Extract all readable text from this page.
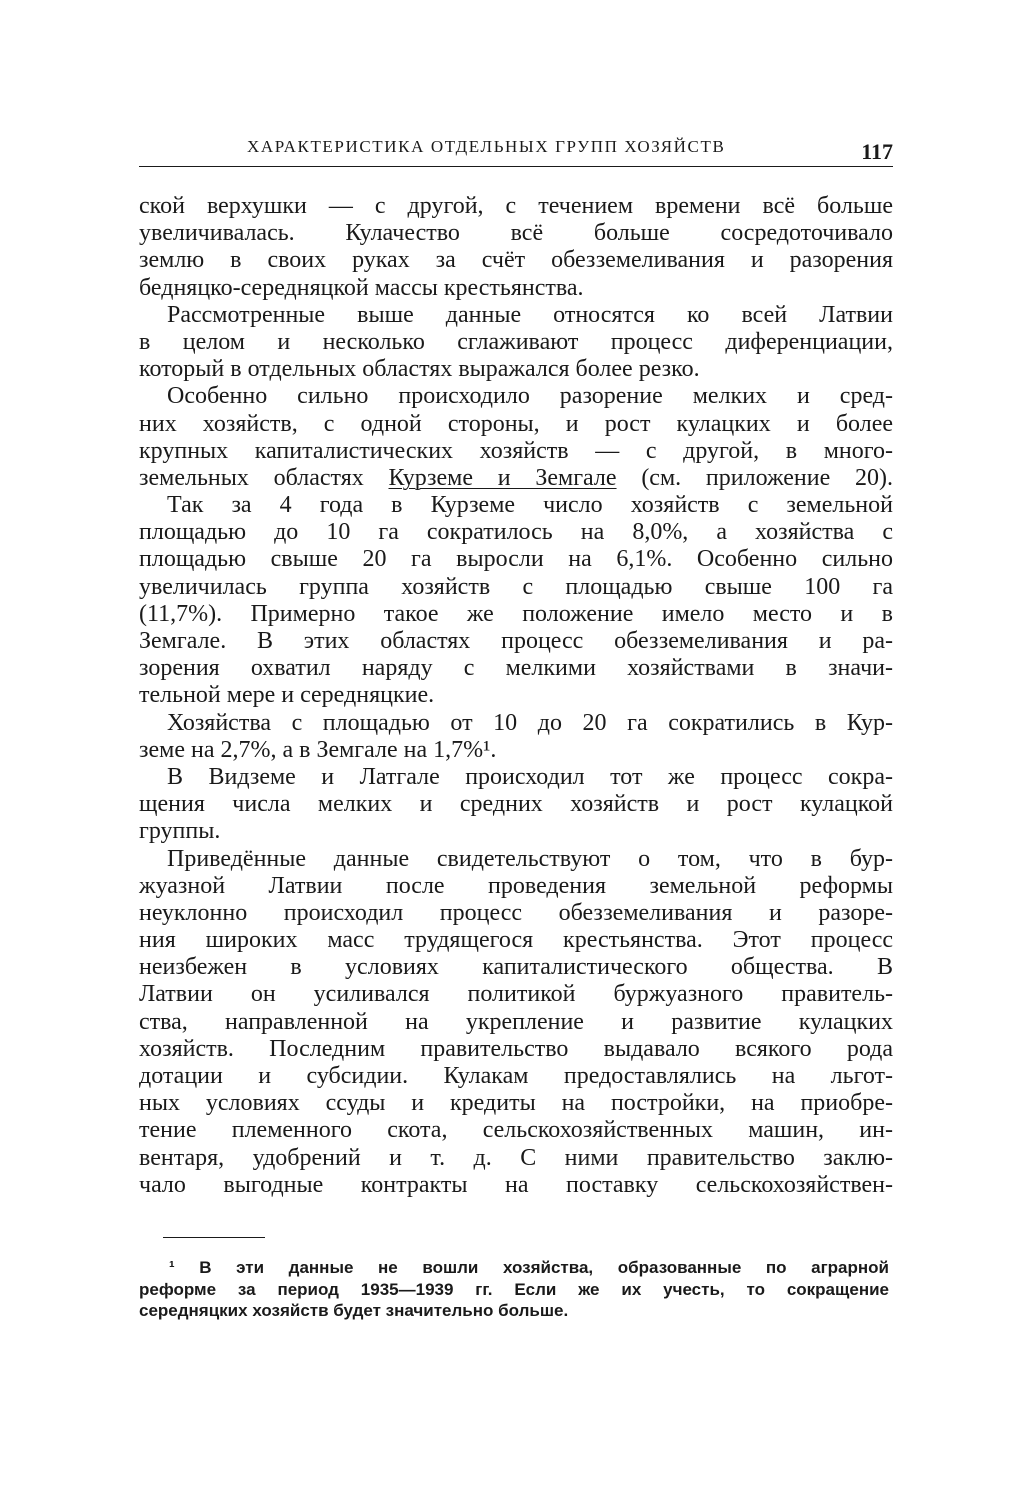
ХАРАКТЕРИСТИКА ОТДЕЛЬНЫХ ГРУПП ХОЗЯЙСТВ	117
ской верхушки — с другой, с течением времени всё больше
увеличивалась. Кулачество всё больше сосредоточивало
землю в своих руках за счёт обезземеливания и разорения
бедняцко-середняцкой массы крестьянства.
Рассмотренные выше данные относятся ко всей Латвии
в целом и несколько сглаживают процесс диференциации,
который в отдельных областях выражался более резко.
Особенно сильно происходило разорение мелких и сред-
них хозяйств, с одной стороны, и рост кулацких и более
крупных капиталистических хозяйств — с другой, в много-
земельных областях Курземе и Земгале (см. приложение 20).
Так за 4 года в Курземе число хозяйств с земельной
площадью до 10 га сократилось на 8,0%, а хозяйства с
площадью свыше 20 га выросли на 6,1%. Особенно сильно
увеличилась группа хозяйств с площадью свыше 100 га
(11,7%). Примерно такое же положение имело место и в
Земгале. В этих областях процесс обезземеливания и ра-
зорения охватил наряду с мелкими хозяйствами в значи-
тельной мере и середняцкие.
Хозяйства с площадью от 10 до 20 га сократились в Кур-
земе на 2,7%, а в Земгале на 1,7%¹.
В Видземе и Латгале происходил тот же процесс сокра-
щения числа мелких и средних хозяйств и рост кулацкой
группы.
Приведённые данные свидетельствуют о том, что в бур-
жуазной Латвии после проведения земельной реформы
неуклонно происходил процесс обезземеливания и разоре-
ния широких масс трудящегося крестьянства. Этот процесс
неизбежен в условиях капиталистического общества. В
Латвии он усиливался политикой буржуазного правитель-
ства, направленной на укрепление и развитие кулацких
хозяйств. Последним правительство выдавало всякого рода
дотации и субсидии. Кулакам предоставлялись на льгот-
ных условиях ссуды и кредиты на постройки, на приобре-
тение племенного скота, сельскохозяйственных машин, ин-
вентаря, удобрений и т. д. С ними правительство заклю-
чало выгодные контракты на поставку сельскохозяйствен-
¹ В эти данные не вошли хозяйства, образованные по аграрной
реформе за период 1935—1939 гг. Если же их учесть, то сокращение
середняцких хозяйств будет значительно больше.
